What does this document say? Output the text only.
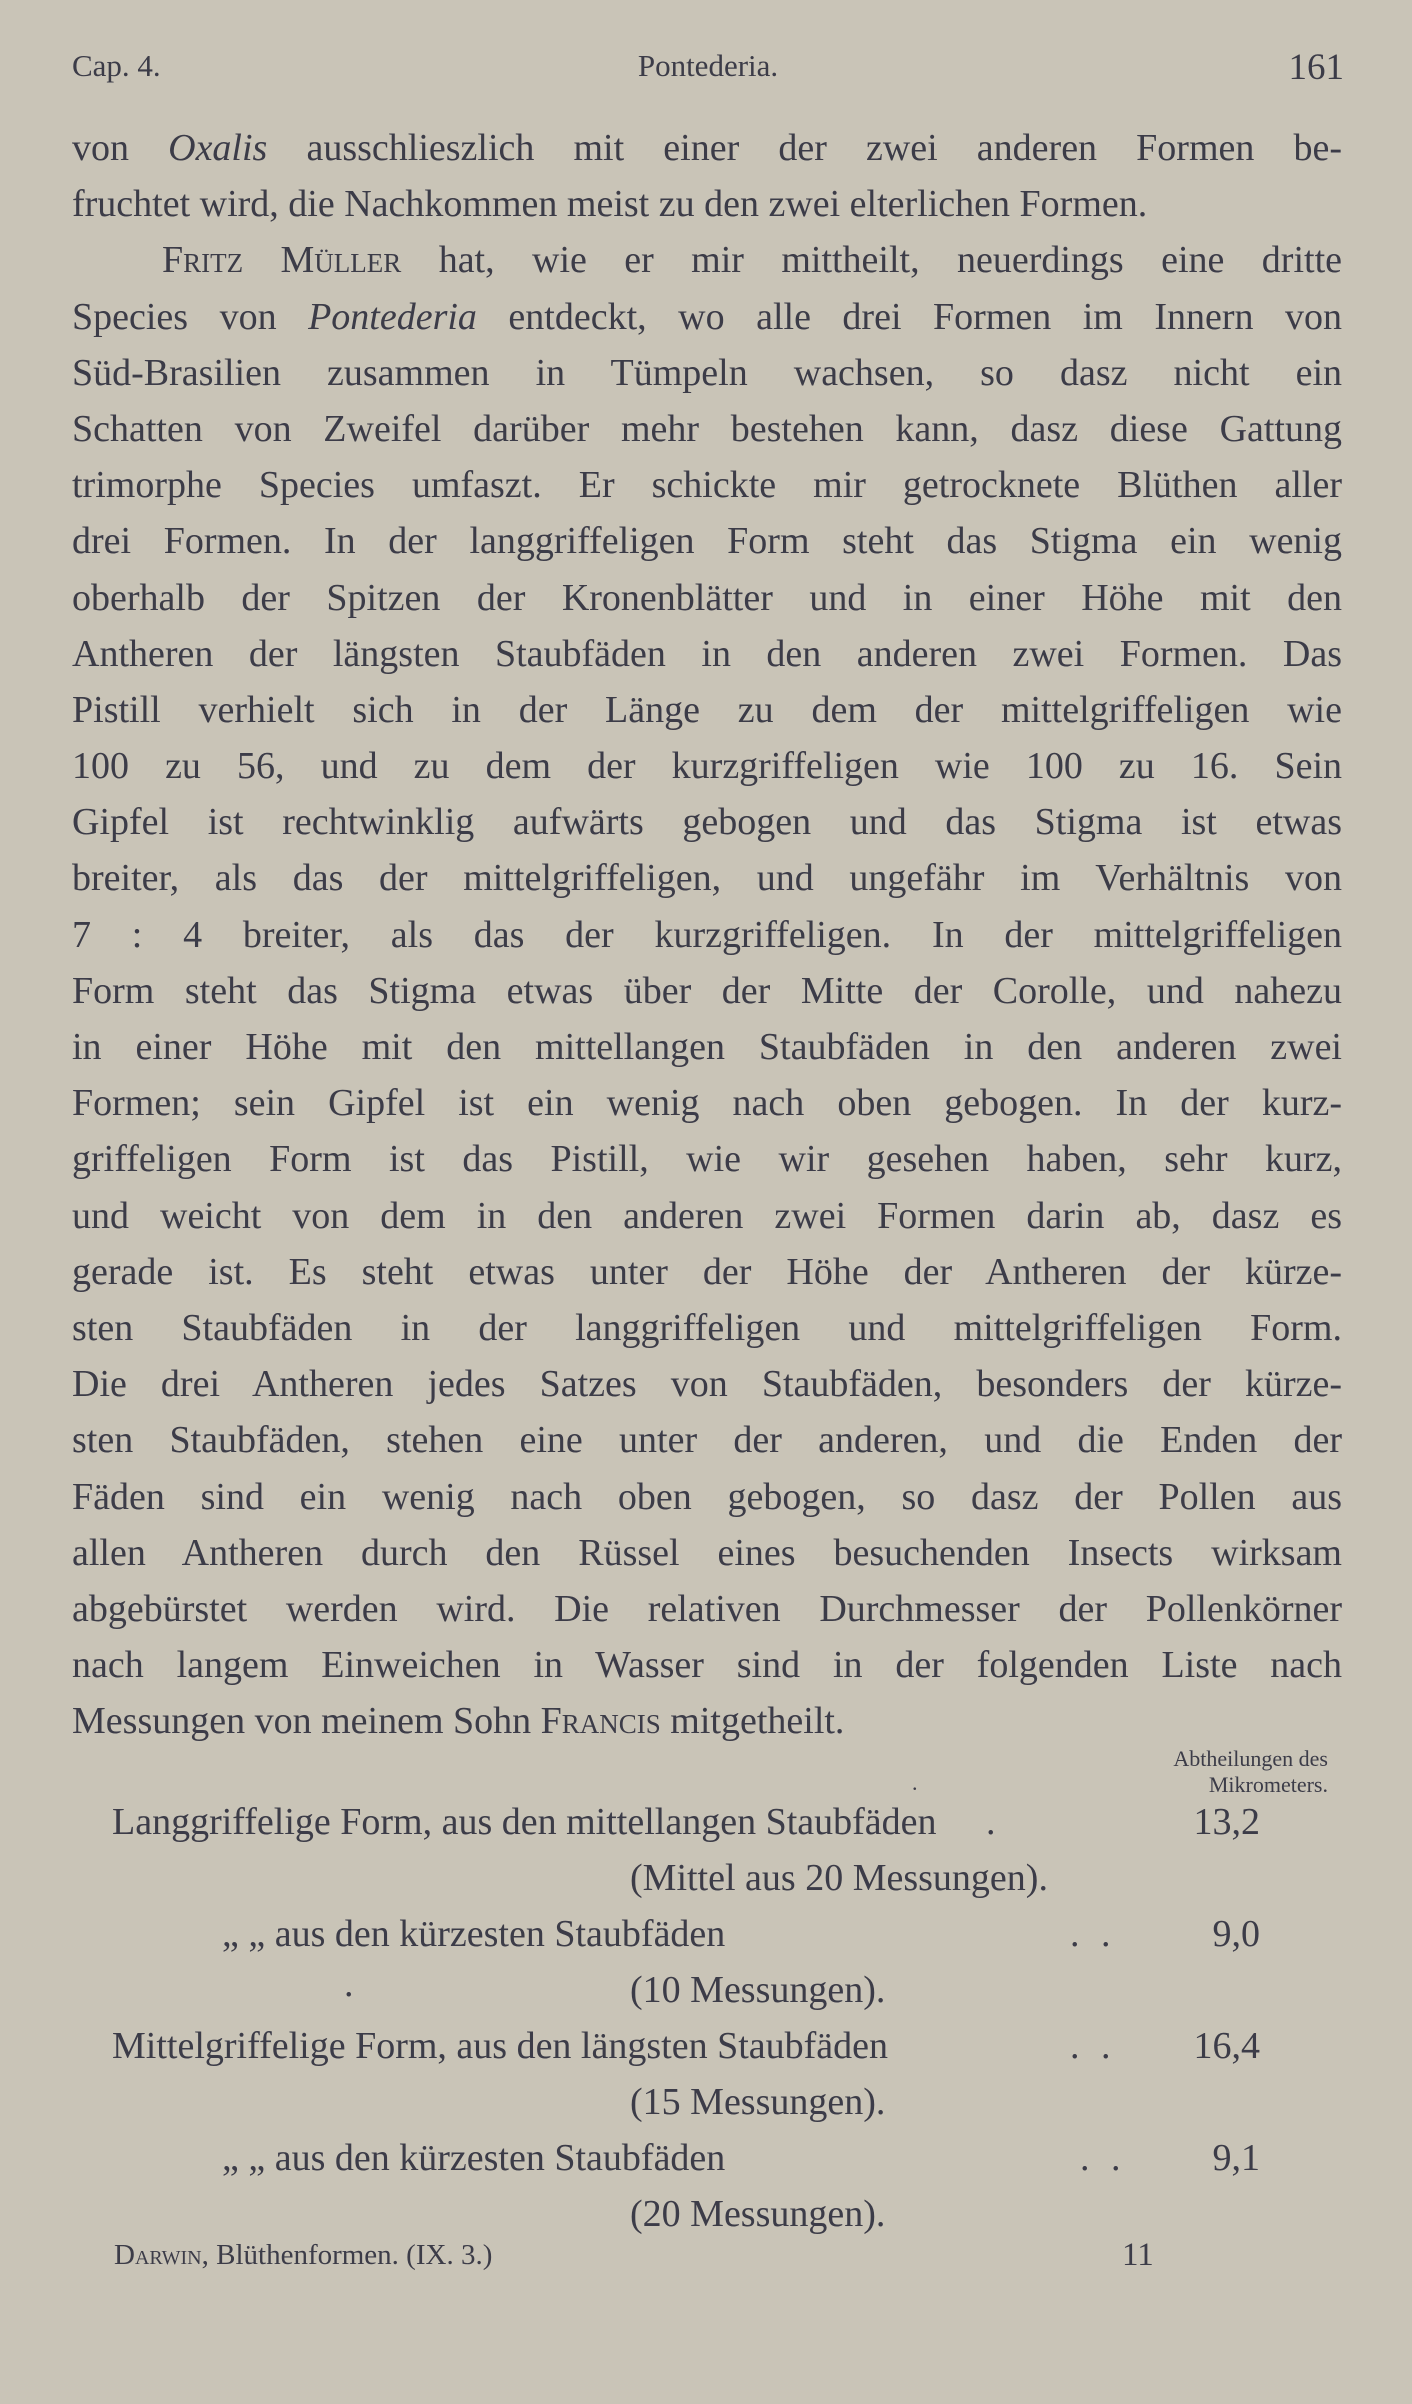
Cap. 4.	Pontederia.	161
von Oxalis ausschlieszlich mit einer der zwei anderen Formen be-
fruchtet wird, die Nachkommen meist zu den zwei elterlichen Formen.
Fritz Müller hat, wie er mir mittheilt, neuerdings eine dritte
Species von Pontederia entdeckt, wo alle drei Formen im Innern von
Süd-Brasilien zusammen in Tümpeln wachsen, so dasz nicht ein
Schatten von Zweifel darüber mehr bestehen kann, dasz diese Gattung
trimorphe Species umfaszt. Er schickte mir getrocknete Blüthen aller
drei Formen. In der langgriffeligen Form steht das Stigma ein wenig
oberhalb der Spitzen der Kronenblätter und in einer Höhe mit den
Antheren der längsten Staubfäden in den anderen zwei Formen. Das
Pistill verhielt sich in der Länge zu dem der mittelgriffeligen wie
100 zu 56, und zu dem der kurzgriffeligen wie 100 zu 16. Sein
Gipfel ist rechtwinklig aufwärts gebogen und das Stigma ist etwas
breiter, als das der mittelgriffeligen, und ungefähr im Verhältnis von
7 : 4 breiter, als das der kurzgriffeligen. In der mittelgriffeligen
Form steht das Stigma etwas über der Mitte der Corolle, und nahezu
in einer Höhe mit den mittellangen Staubfäden in den anderen zwei
Formen; sein Gipfel ist ein wenig nach oben gebogen. In der kurz-
griffeligen Form ist das Pistill, wie wir gesehen haben, sehr kurz,
und weicht von dem in den anderen zwei Formen darin ab, dasz es
gerade ist. Es steht etwas unter der Höhe der Antheren der kürze-
sten Staubfäden in der langgriffeligen und mittelgriffeligen Form.
Die drei Antheren jedes Satzes von Staubfäden, besonders der kürze-
sten Staubfäden, stehen eine unter der anderen, und die Enden der
Fäden sind ein wenig nach oben gebogen, so dasz der Pollen aus
allen Antheren durch den Rüssel eines besuchenden Insects wirksam
abgebürstet werden wird. Die relativen Durchmesser der Pollenkörner
nach langem Einweichen in Wasser sind in der folgenden Liste nach
Messungen von meinem Sohn Francis mitgetheilt.
Abtheilungen des
Mikrometers.
.
Langgriffelige Form, aus den mittellangen Staubfäden .	13,2
(Mittel aus 20 Messungen).
„ „ aus den kürzesten Staubfäden	. .	9,0
.	(10 Messungen).
Mittelgriffelige Form, aus den längsten Staubfäden	. . 16,4
(15 Messungen).
„ „ aus den kürzesten Staubfäden	. . 9,1
(20 Messungen).
Darwin, Blüthenformen. (IX. 3.)	11
